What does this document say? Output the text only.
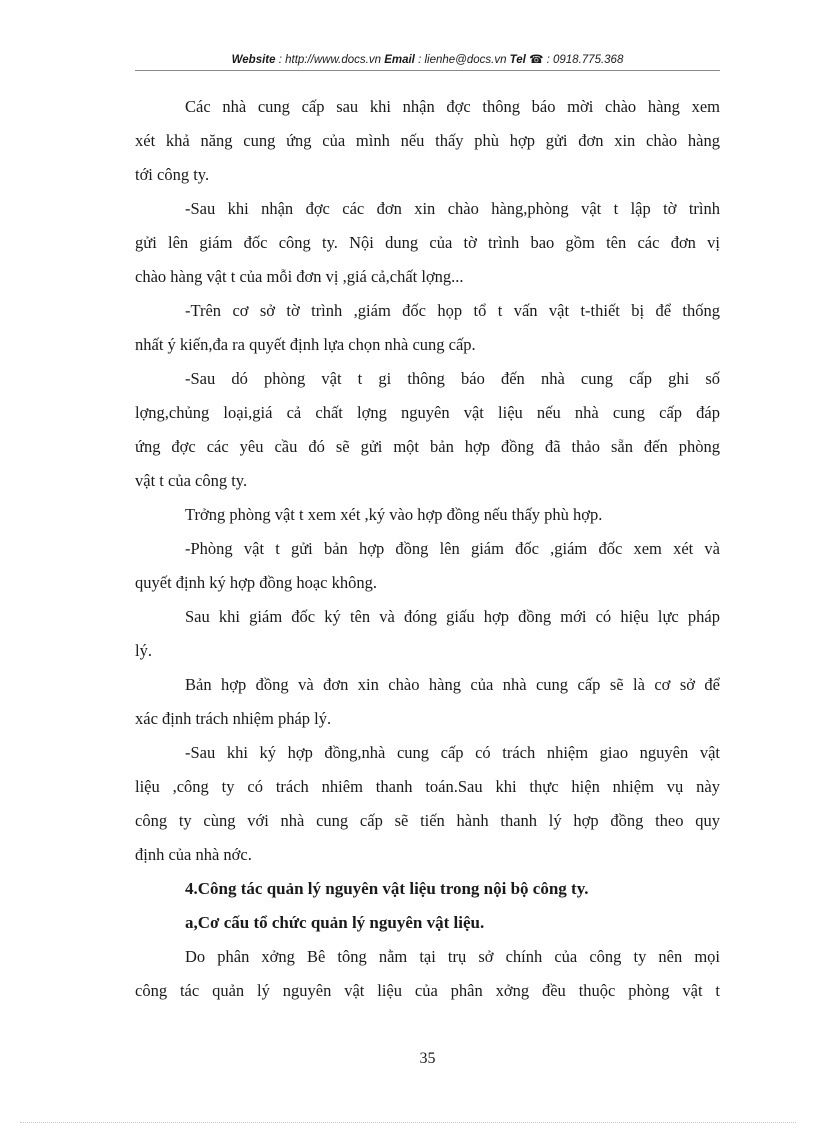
Website : http://www.docs.vn Email : lienhe@docs.vn Tel ☎ : 0918.775.368
Các nhà cung cấp sau khi nhận đợc thông báo mời chào hàng xem
xét khả năng cung ứng của mình nếu thấy phù hợp gửi đơn xin chào hàng
tới công ty.
-Sau khi nhận đợc các đơn xin chào hàng,phòng vật t lập tờ trình
gửi lên giám đốc công ty. Nội dung của tờ trình bao gồm tên các đơn vị
chào hàng vật t của mỗi đơn vị ,giá cả,chất lợng...
-Trên cơ sở tờ trình ,giám đốc họp tổ t vấn vật t-thiết bị để thống
nhất ý kiến,đa ra quyết định lựa chọn nhà cung cấp.
-Sau dó phòng vật t gi thông báo đến nhà cung cấp ghi số
lợng,chủng loại,giá cả chất lợng nguyên vật liệu nếu nhà cung cấp đáp
ứng đợc các yêu cầu đó sẽ gửi một bản hợp đồng đã thảo sẵn đến phòng
vật t của công ty.
Trởng phòng vật t xem xét ,ký vào hợp đồng nếu thấy phù hợp.
-Phòng vật t gửi bản hợp đồng lên giám đốc ,giám đốc xem xét và
quyết định ký hợp đồng hoạc không.
Sau khi giám đốc ký tên và đóng giấu hợp đồng mới có hiệu lực pháp
lý.
Bản hợp đồng và đơn xin chào hàng của nhà cung cấp sẽ là cơ sở để
xác định trách nhiệm pháp lý.
-Sau khi ký hợp đồng,nhà cung cấp có trách nhiệm giao nguyên vật
liệu ,công ty có trách nhiêm thanh toán.Sau khi thực hiện nhiệm vụ này
công ty cùng với nhà cung cấp sẽ tiến hành thanh lý hợp đồng theo quy
định của nhà nớc.
4.Công tác quản lý nguyên vật liệu trong nội bộ công ty.
a,Cơ cấu tổ chức quản lý nguyên vật liệu.
Do phân xởng Bê tông nằm tại trụ sở chính của công ty nên mọi
công tác quản lý nguyên vật liệu của phân xởng đều thuộc phòng vật t
35
